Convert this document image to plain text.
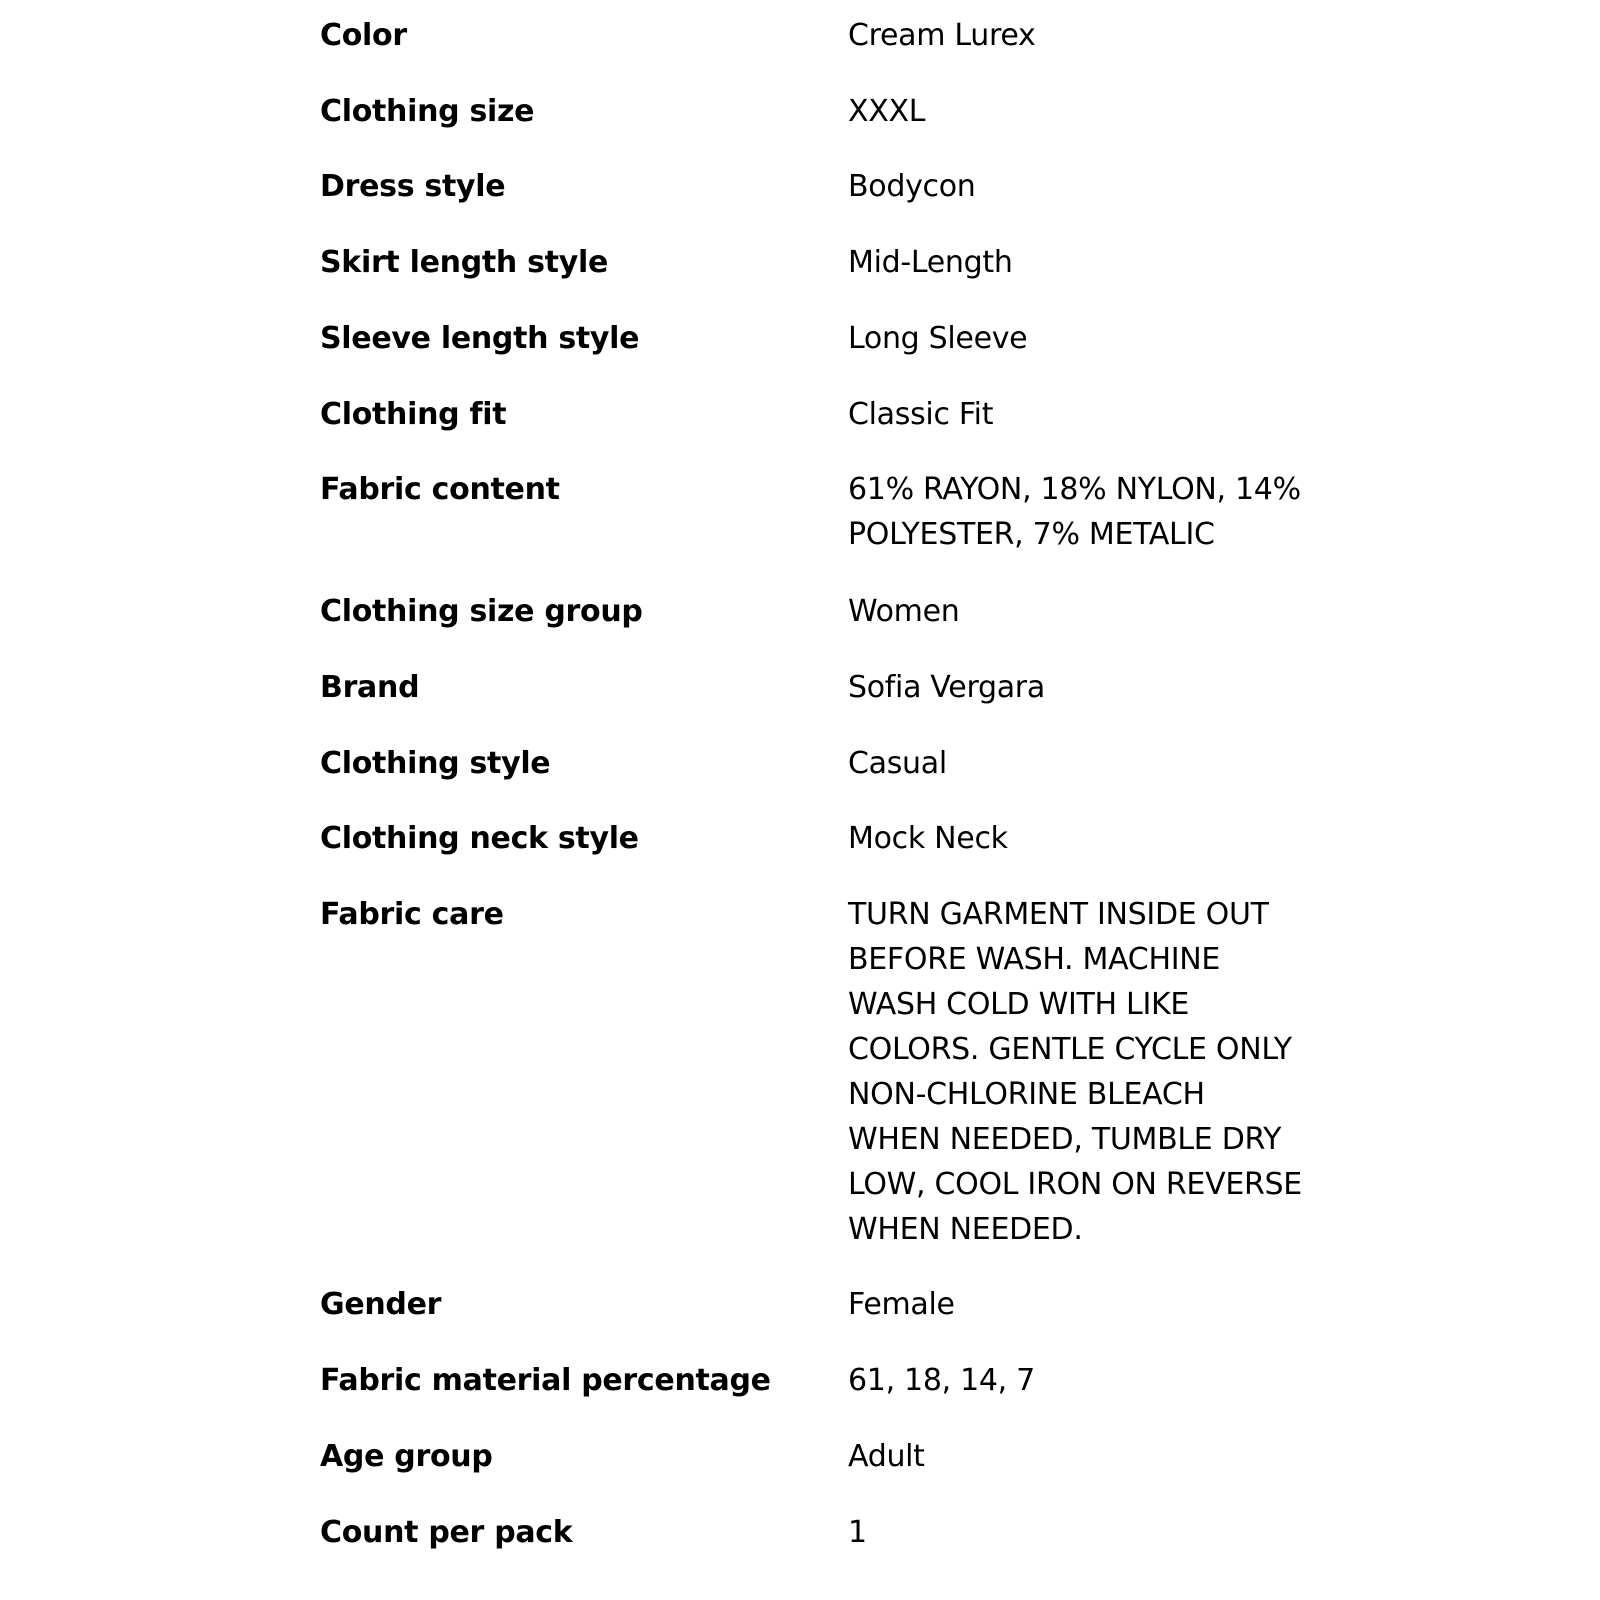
Color	Cream Lurex
Clothing size	XXXL
Dress style	Bodycon
Skirt length style	Mid-Length
Sleeve length style	Long Sleeve
Clothing fit	Classic Fit
Fabric content	61% RAYON, 18% NYLON, 14%
POLYESTER, 7% METALIC
Clothing size group	Women
Brand	Sofia Vergara
Clothing style	Casual
Clothing neck style	Mock Neck
Fabric care	TURN GARMENT INSIDE OUT
BEFORE WASH. MACHINE
WASH COLD WITH LIKE
COLORS. GENTLE CYCLE ONLY
NON-CHLORINE BLEACH
WHEN NEEDED, TUMBLE DRY
LOW, COOL IRON ON REVERSE
WHEN NEEDED.
Gender	Female
Fabric material percentage	61, 18, 14, 7
Age group	Adult
Count per pack	1
